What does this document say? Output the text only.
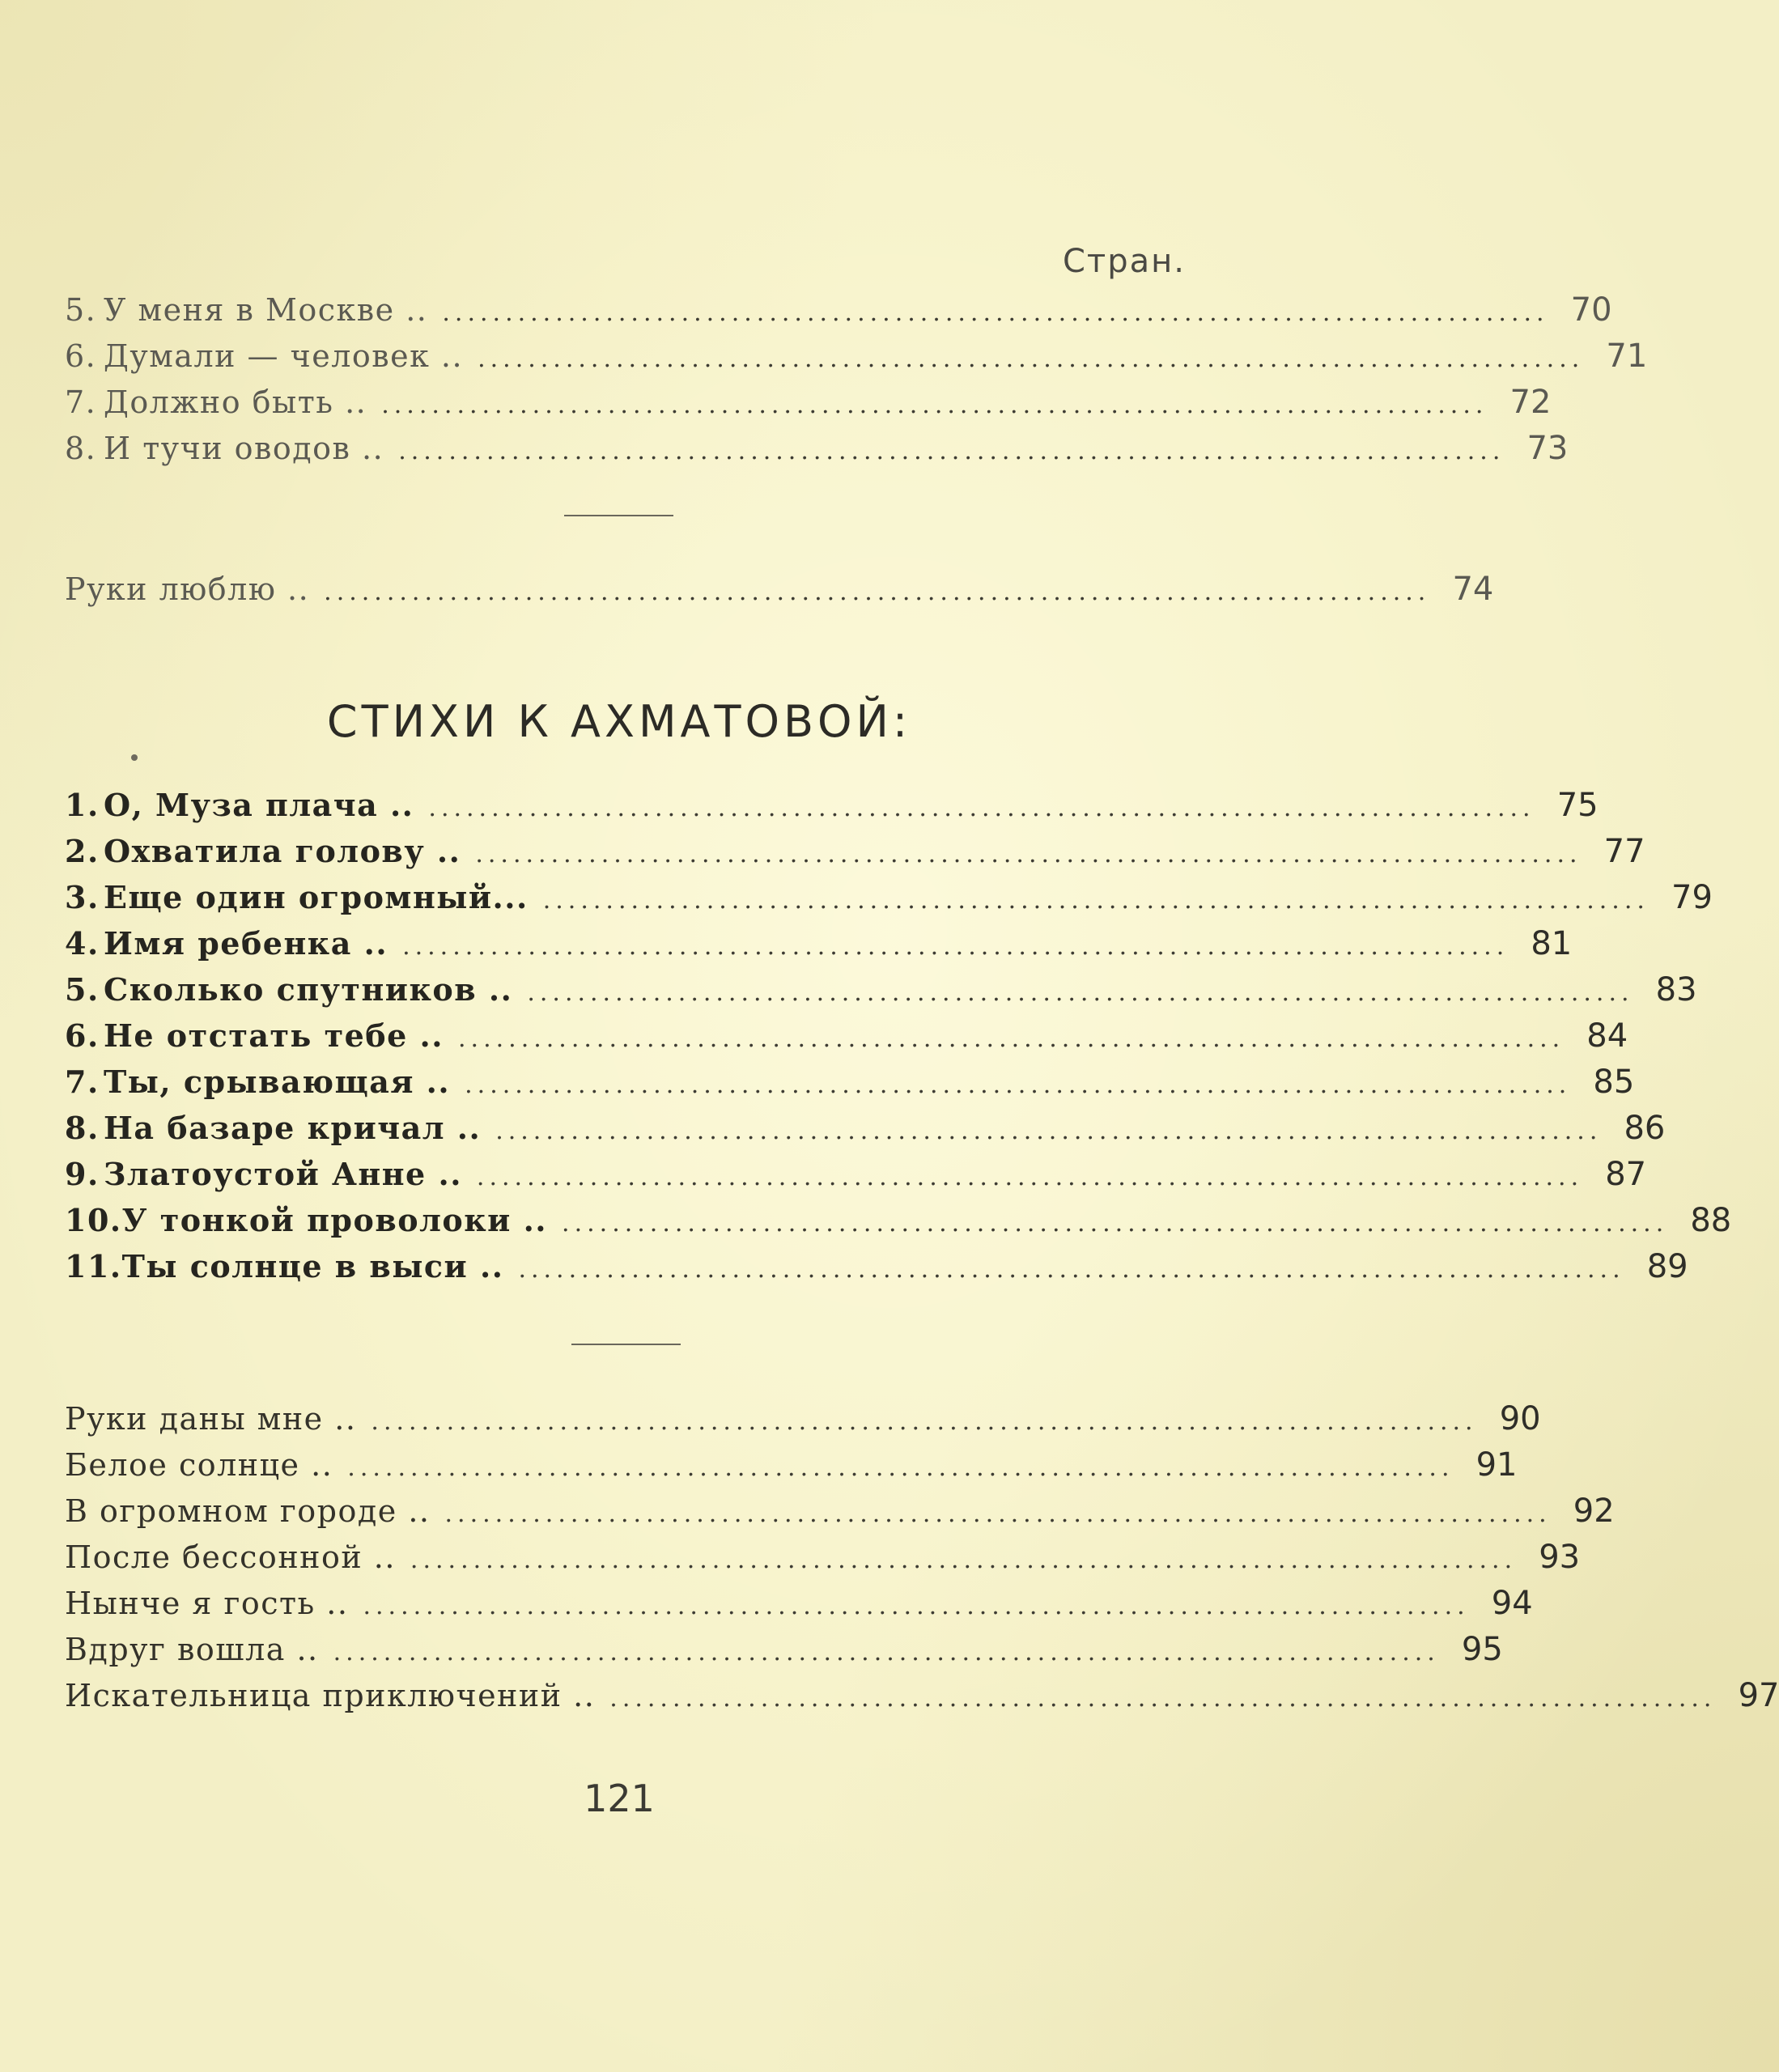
Стран.
5. У меня в Москве .. ........................................................................................ 70
6. Думали — человек .. ........................................................................................ 71
7. Должно быть .. ........................................................................................ 72
8. И тучи оводов .. ........................................................................................ 73
Руки люблю .. ........................................................................................ 74
СТИХИ К АХМАТОВОЙ:
1. О, Муза плача .. ........................................................................................ 75
2. Охватила голову .. ........................................................................................ 77
3. Еще один огромный... ........................................................................................ 79
4. Имя ребенка .. ........................................................................................ 81
5. Сколько спутников .. ........................................................................................ 83
6. Не отстать тебе .. ........................................................................................ 84
7. Ты, срывающая .. ........................................................................................ 85
8. На базаре кричал .. ........................................................................................ 86
9. Златоустой Анне .. ........................................................................................ 87
10.У тонкой проволоки .. ........................................................................................ 88
11.Ты солнце в выси .. ........................................................................................ 89
Руки даны мне .. ........................................................................................ 90
Белое солнце .. ........................................................................................ 91
В огромном городе .. ........................................................................................ 92
После бессонной .. ........................................................................................ 93
Нынче я гость .. ........................................................................................ 94
Вдруг вошла .. ........................................................................................ 95
Искательница приключений .. ........................................................................................ 97
121
